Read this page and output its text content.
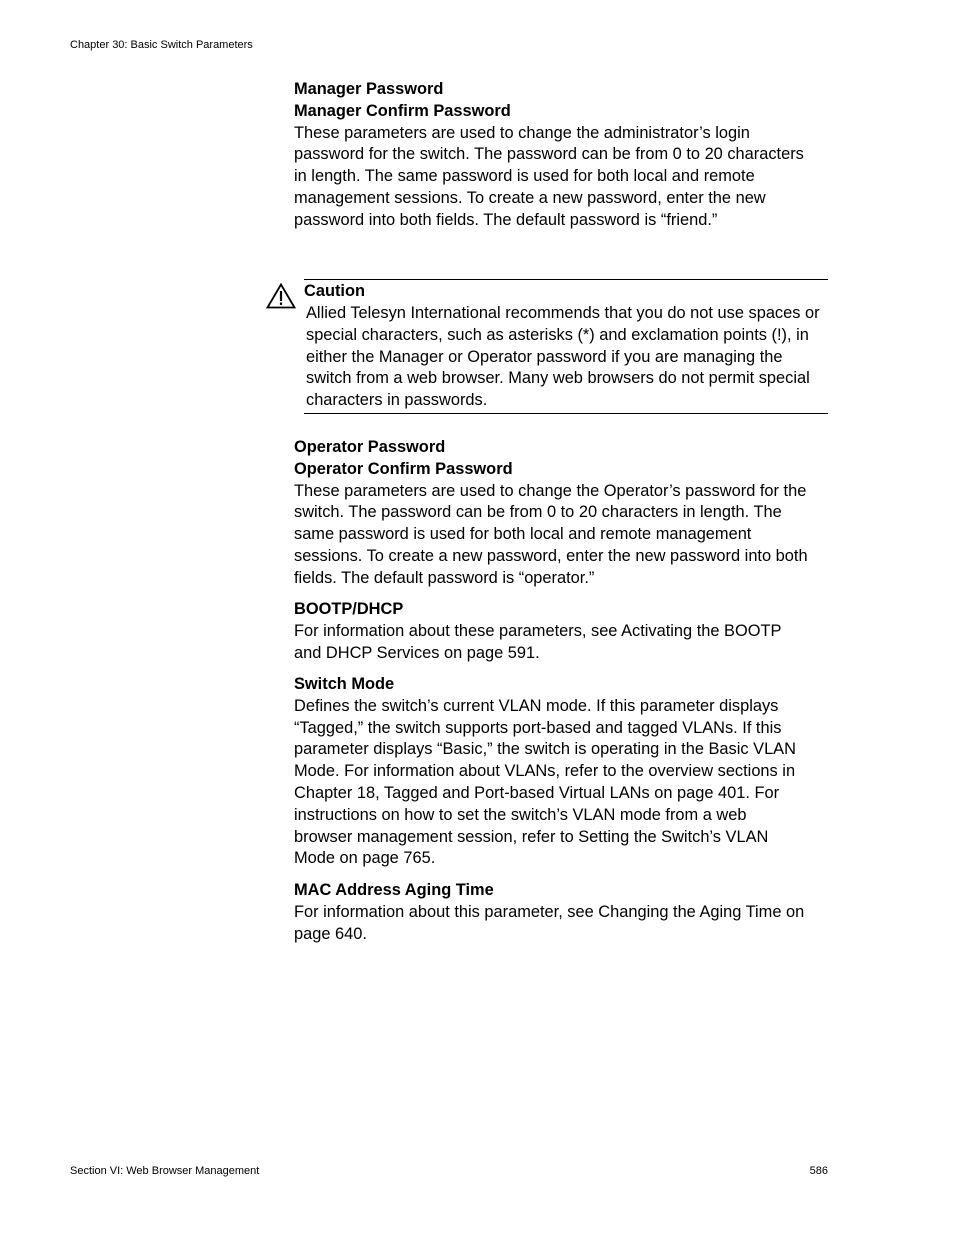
Chapter 30: Basic Switch Parameters
Manager Password
Manager Confirm Password

These parameters are used to change the administrator’s login password for the switch. The password can be from 0 to 20 characters in length. The same password is used for both local and remote management sessions. To create a new password, enter the new password into both fields. The default password is “friend.”

Caution

Allied Telesyn International recommends that you do not use spaces or special characters, such as asterisks (*) and exclamation points (!), in either the Manager or Operator password if you are managing the switch from a web browser. Many web browsers do not permit special characters in passwords.

Operator Password
Operator Confirm Password

These parameters are used to change the Operator’s password for the switch. The password can be from 0 to 20 characters in length. The same password is used for both local and remote management sessions. To create a new password, enter the new password into both fields. The default password is “operator.”

BOOTP/DHCP

For information about these parameters, see Activating the BOOTP and DHCP Services on page 591.

Switch Mode

Defines the switch’s current VLAN mode. If this parameter displays “Tagged,” the switch supports port-based and tagged VLANs. If this parameter displays “Basic,” the switch is operating in the Basic VLAN Mode. For information about VLANs, refer to the overview sections in Chapter 18, Tagged and Port-based Virtual LANs on page 401. For instructions on how to set the switch’s VLAN mode from a web browser management session, refer to Setting the Switch’s VLAN Mode on page 765.

MAC Address Aging Time

For information about this parameter, see Changing the Aging Time on page 640.

Section VI: Web Browser Management	586
